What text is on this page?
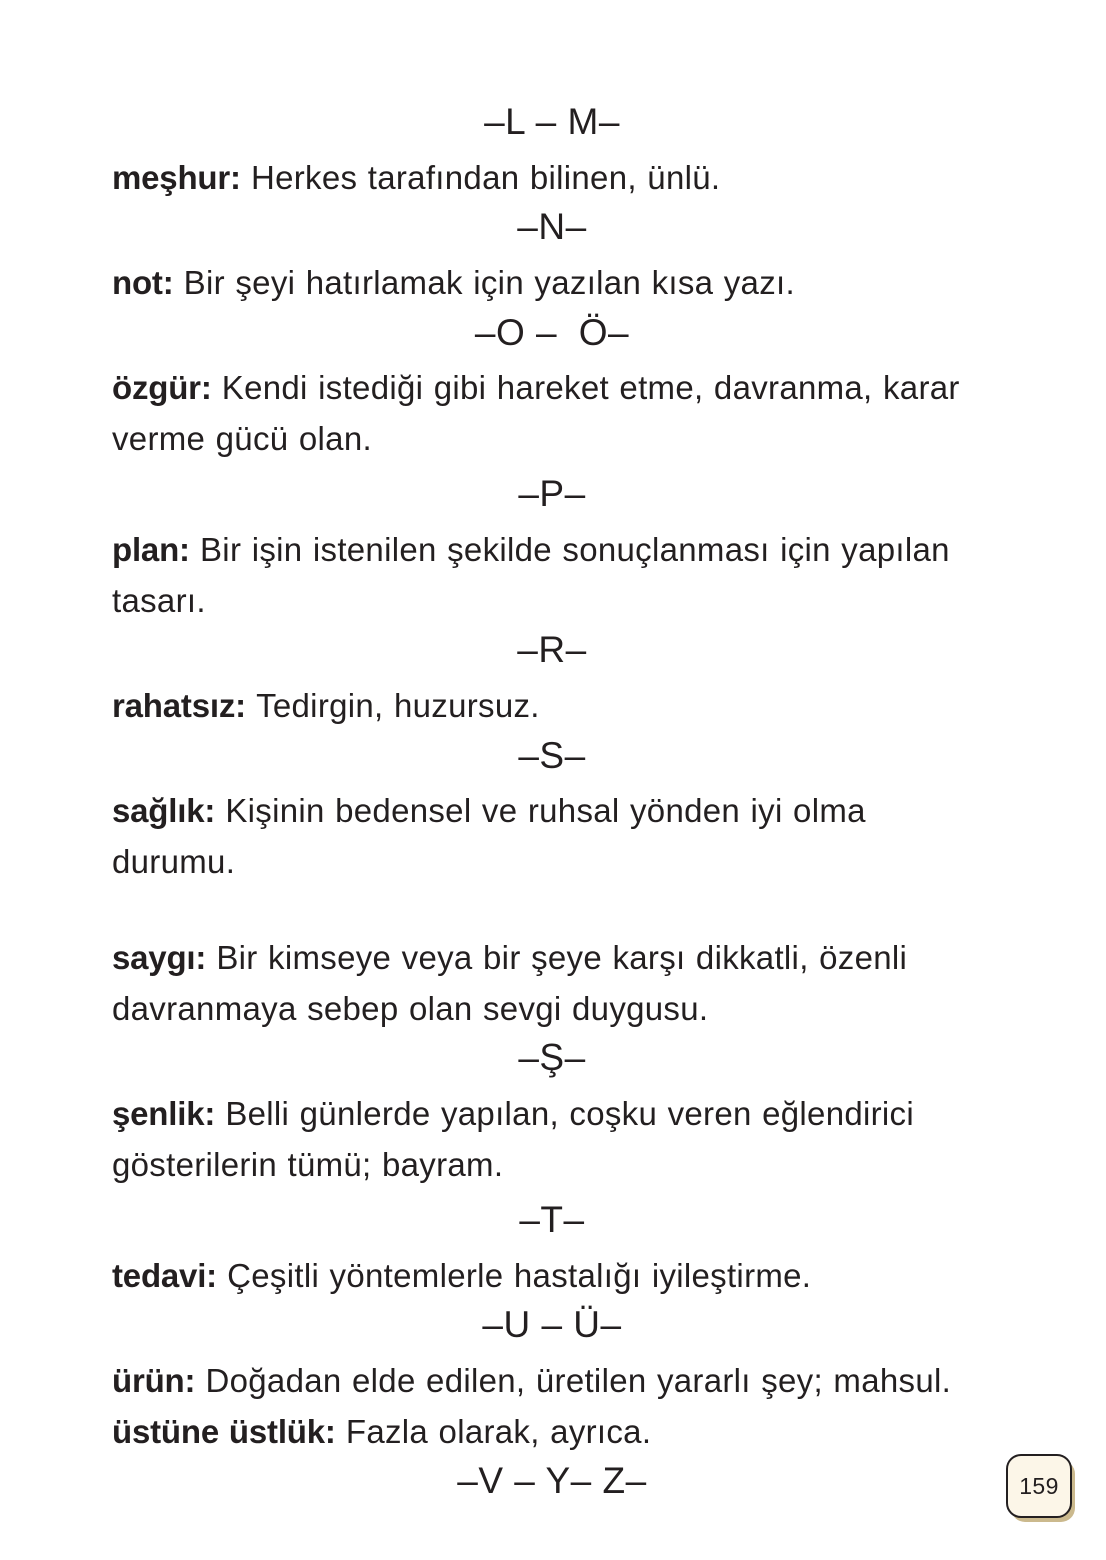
–L – M–

meşhur: Herkes tarafından bilinen, ünlü.

–N–

not: Bir şeyi hatırlamak için yazılan kısa yazı.

–O –  Ö–

özgür: Kendi istediği gibi hareket etme, davranma, karar verme gücü olan.

–P–

plan: Bir işin istenilen şekilde sonuçlanması için yapılan tasarı.

–R–

rahatsız: Tedirgin, huzursuz.

–S–

sağlık: Kişinin bedensel ve ruhsal yönden iyi olma durumu.

saygı: Bir kimseye veya bir şeye karşı dikkatli, özenli davranmaya sebep olan sevgi duygusu.

–Ş–

şenlik: Belli günlerde yapılan, coşku veren eğlendirici gösterilerin tümü; bayram.

–T–

tedavi: Çeşitli yöntemlerle hastalığı iyileştirme.

–U – Ü–

ürün: Doğadan elde edilen, üretilen yararlı şey; mahsul.

üstüne üstlük: Fazla olarak, ayrıca.

–V – Y– Z–	159
